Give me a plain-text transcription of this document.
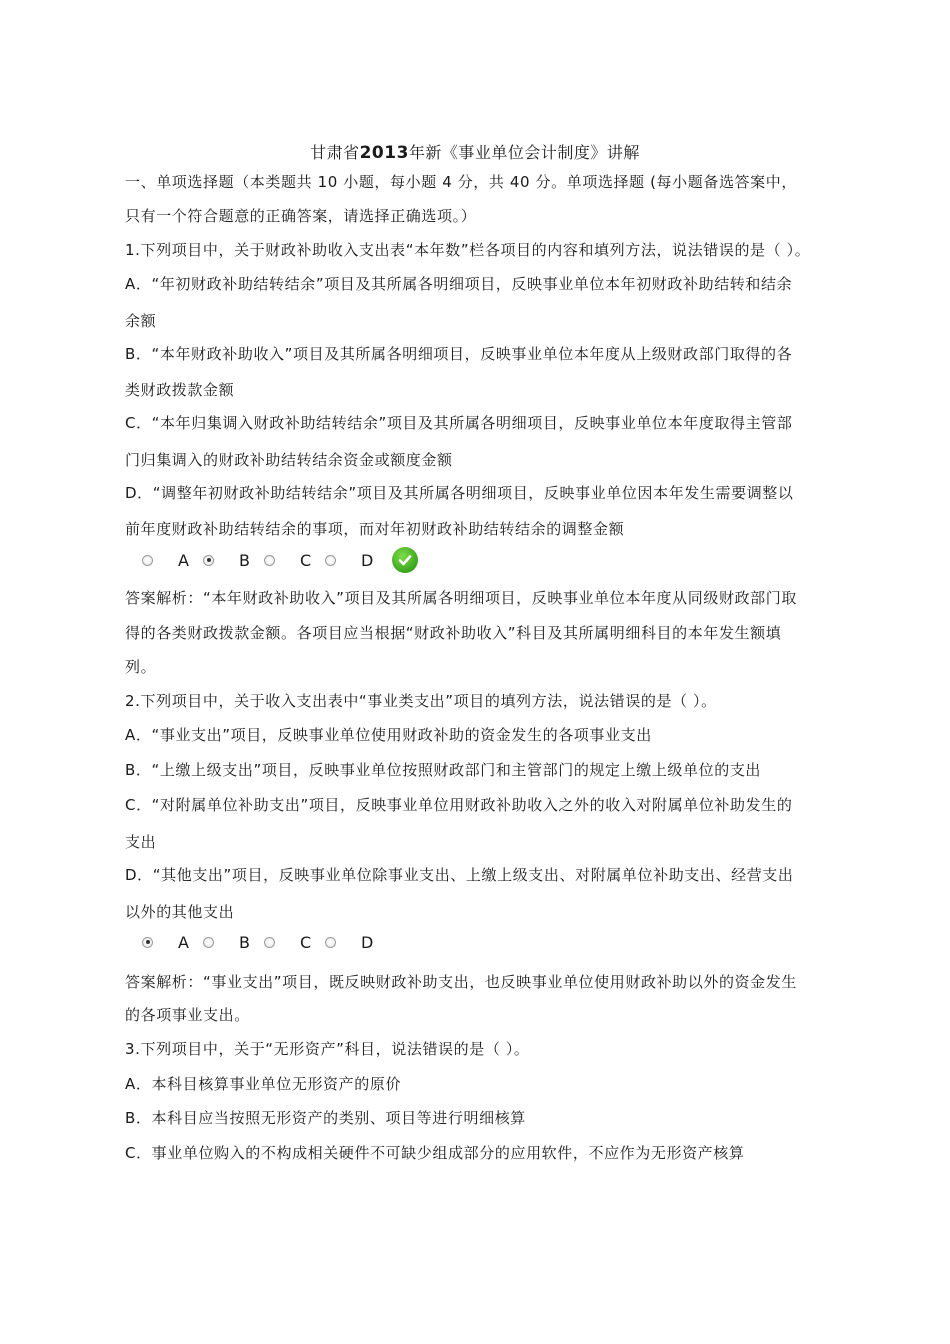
甘肃省2013年新《事业单位会计制度》讲解
一、单项选择题（本类题共 10 小题，每小题 4 分，共 40 分。单项选择题 (每小题备选答案中，
只有一个符合题意的正确答案，请选择正确选项。）
1.下列项目中，关于财政补助收入支出表“本年数”栏各项目的内容和填列方法，说法错误的是（ ）。
A．“年初财政补助结转结余”项目及其所属各明细项目，反映事业单位本年初财政补助结转和结余
余额
B．“本年财政补助收入”项目及其所属各明细项目，反映事业单位本年度从上级财政部门取得的各
类财政拨款金额
C．“本年归集调入财政补助结转结余”项目及其所属各明细项目，反映事业单位本年度取得主管部
门归集调入的财政补助结转结余资金或额度金额
D．“调整年初财政补助结转结余”项目及其所属各明细项目，反映事业单位因本年发生需要调整以
前年度财政补助结转结余的事项，而对年初财政补助结转结余的调整金额
A	B	C	D
答案解析：“本年财政补助收入”项目及其所属各明细项目，反映事业单位本年度从同级财政部门取
得的各类财政拨款金额。各项目应当根据“财政补助收入”科目及其所属明细科目的本年发生额填
列。
2.下列项目中，关于收入支出表中“事业类支出”项目的填列方法，说法错误的是（ ）。
A．“事业支出”项目，反映事业单位使用财政补助的资金发生的各项事业支出
B．“上缴上级支出”项目，反映事业单位按照财政部门和主管部门的规定上缴上级单位的支出
C．“对附属单位补助支出”项目，反映事业单位用财政补助收入之外的收入对附属单位补助发生的
支出
D．“其他支出”项目，反映事业单位除事业支出、上缴上级支出、对附属单位补助支出、经营支出
以外的其他支出
A	B	C	D
答案解析：“事业支出”项目，既反映财政补助支出，也反映事业单位使用财政补助以外的资金发生
的各项事业支出。
3.下列项目中，关于“无形资产”科目，说法错误的是（ ）。
A．本科目核算事业单位无形资产的原价
B．本科目应当按照无形资产的类别、项目等进行明细核算
C．事业单位购入的不构成相关硬件不可缺少组成部分的应用软件，不应作为无形资产核算
